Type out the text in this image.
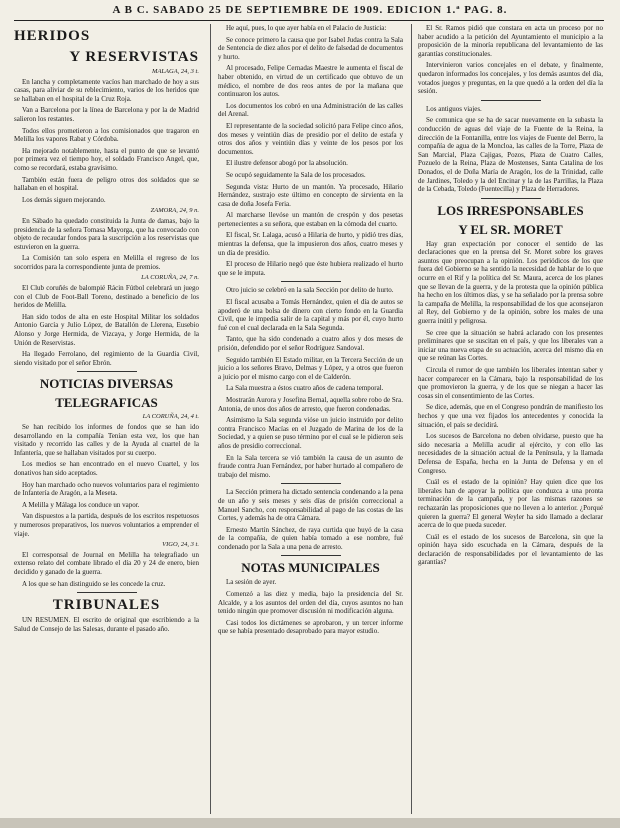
A B C. SABADO 25 DE SEPTIEMBRE DE 1909. EDICION 1.ª PAG. 8.
HERIDOS
Y RESERVISTAS
MALAGA, 24, 3 t.

En lancha y completamente vacíos han marchado de hoy a sus casas, para aliviar de su reblecimiento, varios de los heridos que se hallaban en el hospital de la Cruz Roja.

Van a Barcelona por la línea de Barcelona y por la de Madrid salieron los restantes.

Todos ellos prometieron a los comisionados que tragaron en Melilla los vapores Rabat y Córdoba.

Ha mejorado notablemente, hasta el punto de que se levantó por primera vez el tiempo hoy, el soldado Francisco Angel, que, como se recordará, estaba gravísimo.

También están fuera de peligro otros dos soldados que se hallaban en el hospital.

Los demás siguen mejorando.

ZAMORA, 24, 9 n.

En Sábado ha quedado constituida la Junta de damas, bajo la presidencia de la señora Tomasa Mayorga, que ha convocado con objeto de recaudar fondos para la suscripción a los reservistas que estuvieron en la guerra.

La Comisión tan solo espera en Melilla el regreso de los socorridos para la correspondiente junta de premios.

LA CORUÑA, 24, 7 n.

El Club coruñés de balompié Rácin Fútbol celebrará un juego con el Club de Foot-Ball Toreno, destinado a beneficio de los heridos de Melilla.

Han sido todos de alta en este Hospital Militar los soldados Antonio García y Julio López, de Batallón de Llerena, Eusebio Alonso y Jorge Hermida, de Vizcaya, y Jorge Hermida, de la Unión de Reservistas.

Ha llegado Ferrolano, del regimiento de la Guardia Civil, siendo visitado por el señor Ebrón.

NOTICIAS DIVERSAS
TELEGRAFICAS
LA CORUÑA, 24, 4 t.

Se han recibido los informes de fondos que se han ido desarrollando en la compañía Tenían esta vez, los que han visitado y recorrido las calles y de la Ayuda al cuartel de la Infantería, que se hallaban visitados por su cuerpo.

Los medios se han encontrado en el nuevo Cuartel, y los donativos han sido aceptados.

Hoy han marchado ocho nuevos voluntarios para el regimiento de Infantería de Aragón, a la Meseta.

A Melilla y Málaga los conduce un vapor.

Van dispuestos a la partida, después de los escritos respetuosos y numerosos preparativos, los nuevos voluntarios a emprender el viaje.

VIGO, 24, 3 t.

El corresponsal de Journal en Melilla ha telegrafiado un extenso relato del combate librado el día 20 y 24 de enero, bien decidido y ganado de la guerra.

A los que se han distinguido se les concede la cruz.

TRIBUNALES

UN RESUMEN. El escrito de original que escribiendo a la Salud de Consejo de las Salesas, durante el pasado año.

He aquí, pues, lo que ayer había en el Palacio de Justicia:

Se conoce primero la causa que por Isabel Judas contra la Sala de Sentencia de diez años por el delito de falsedad de documentos y hurto.

Al procesado, Felipe Cernadas Maestre le aumenta el fiscal de haber obtenido, en virtud de un certificado que obtuvo de un médico, el nombre de dos reos antes de por la mañana que continuaron los autos.

Los documentos los cobró en una Administración de las calles del Arenal.

El representante de la sociedad solicitó para Felipe cinco años, dos meses y veintiún días de presidio por el delito de estafa y otros dos años y veintiún días y veinte de los pesos por los documentos.

El ilustre defensor abogó por la absolución.

Se ocupó seguidamente la Sala de los procesados.

Segunda vista: Hurto de un mantón. Ya procesado, Hilario Hernández, sustrajo este último en concepto de sirvienta en la casa de doña Josefa Feria.

Al marcharse llevóse un mantón de crespón y dos pesetas pertenecientes a su señora, que estaban en la cómoda del cuarto.

El fiscal, Sr. Lalaga, acusó a Hilaria de hurto, y pidió tres días, mientras la defensa, que la impusieron dos años, cuatro meses y un día de presidio.

El proceso de Hilario negó que éste hubiera realizado el hurto que se le imputa.

Otro juicio se celebró en la sala Sección por delito de hurto.

El fiscal acusaba a Tomás Hernández, quien el día de autos se apoderó de una bolsa de dinero con cierto fondo en la Guardia Civil, que le impedía salir de la capital y más por él, cuyo hurto fué con el cual declarada en la Sala Segunda.

Tanto, que ha sido condenado a cuatro años y dos meses de prisión, defendido por el señor Rodríguez Sandoval.

Seguido también El Estado militar, en la Tercera Sección de un juicio a los señores Bravo, Delmas y López, y a otros que fueron a juicio por el mismo cargo con el de Calderón.

La Sala muestra a éstos cuatro años de cadena temporal.

Mostrarán Aurora y Josefina Bernal, aquella sobre robo de Sra. Antonia, de unos dos años de arresto, que fueron condenadas.

Asimismo la Sala segunda vióse un juicio instruido por delito contra Francisco Macías en el Juzgado de Marina de los de la Sociedad, y a quien se puso término por el cual se le pidieron seis años de presidio correccional.

En la Sala tercera se vió también la causa de un asunto de fraude contra Juan Fernández, por haber hurtado al compañero de trabajo del mismo.

La Sección primera ha dictado sentencia condenando a la pena de un año y seis meses y seis días de prisión correccional a Manuel Sancho, con responsabilidad al pago de las costas de las Cortes, y además ha de otra Cámara.

Ernesto Martín Sánchez, de raya curtida que huyó de la casa de la compañía, de quien había tomado a ese nombre, fué condenado por la Sala a una pena de arresto.

NOTAS MUNICIPALES

La sesión de ayer.

Comenzó a las diez y media, bajo la presidencia del Sr. Alcalde, y a los asuntos del orden del día, cuyos asuntos no han tenido ningún que promover discusión ni modificación alguna.

Casi todos los dictámenes se aprobaron, y un tercer informe que se había presentado desaprobado para mayor estudio.

El Sr. Ramos pidió que constara en acta un proceso por no haber acudido a la petición del Ayuntamiento el municipio a la proposición de la minoría republicana del levantamiento de las garantías constitucionales.

Intervinieron varios concejales en el debate, y finalmente, quedaron informados los concejales, y los demás asuntos del día, votados juegos y preguntas, en la que quedó a la orden del día la sesión.

Los antiguos viajes.

Se comunica que se ha de sacar nuevamente en la subasta la conducción de aguas del viaje de la Fuente de la Reina, la dirección de la Fontanilla, entre los viajes de Fuente del Berro, la compañía de agua de la Moncloa, las calles de la Torre, Plaza de San Marcial, Plaza Cajigas, Pozos, Plaza de Cuatro Calles, Pozuelo de la Reina, Plaza de Mostenses, Santa Catalina de los Donados, el de Doña María de Aragón, los de la Trinidad, calle de Jardines, Toledo y la del Encinar y la de las Parrillas, la Plaza de la Cebada, Toledo (Fuentecilla) y Plaza de Herradores.

LOS IRRESPONSABLES
Y EL SR. MORET

Hay gran expectación por conocer el sentido de las declaraciones que en la prensa del Sr. Moret sobre los graves asuntos que preocupan a la opinión. Los periódicos de los que fuera del Gobierno se ha sentido la necesidad de hablar de lo que ocurre en el Rif y la política del Sr. Maura, acerca de los planes que se llevan de la guerra, y de la protesta que la opinión pública ha hecho en los últimos días, y se ha señalado por la prensa sobre la campaña de Melilla, la responsabilidad de los que aconsejaron al Rey, del Gobierno y de la opinión, sobre los males de una guerra inútil y peligrosa.

Se cree que la situación se habrá aclarado con los presentes preliminares que se suscitan en el país, y que los liberales van a iniciar una nueva etapa de su actuación, acerca del mismo día en que se reúnan las Cortes.

Circula el rumor de que también los liberales intentan saber y hacer comparecer en la Cámara, bajo la responsabilidad de los que promovieron la guerra, y de los que se niegan a hacer las cosas sin el consentimiento de las Cortes.

Se dice, además, que en el Congreso pondrán de manifiesto los hechos y que una vez fijados los antecedentes y conocida la situación, el país se decidirá.

Los sucesos de Barcelona no deben olvidarse, puesto que ha sido necesaria a Melilla acudir al ejército, y con ello las necesidades de la situación actual de la Península, y la llamada Defensa de España, hecha en la Junta de Defensa y en el Congreso.

Cuál es el estado de la opinión? Hay quien dice que los liberales han de apoyar la política que conduzca a una pronta terminación de la campaña, y por las mismas razones se rechazarán las proposiciones que no lleven a lo anterior. ¿Porqué quieren la guerra? El general Weyler ha sido llamado a declarar acerca de lo que pueda suceder.

Cuál es el estado de los sucesos de Barcelona, sin que la opinión haya sido escuchada en la Cámara, después de la declaración de responsabilidades por el levantamiento de las garantías?
